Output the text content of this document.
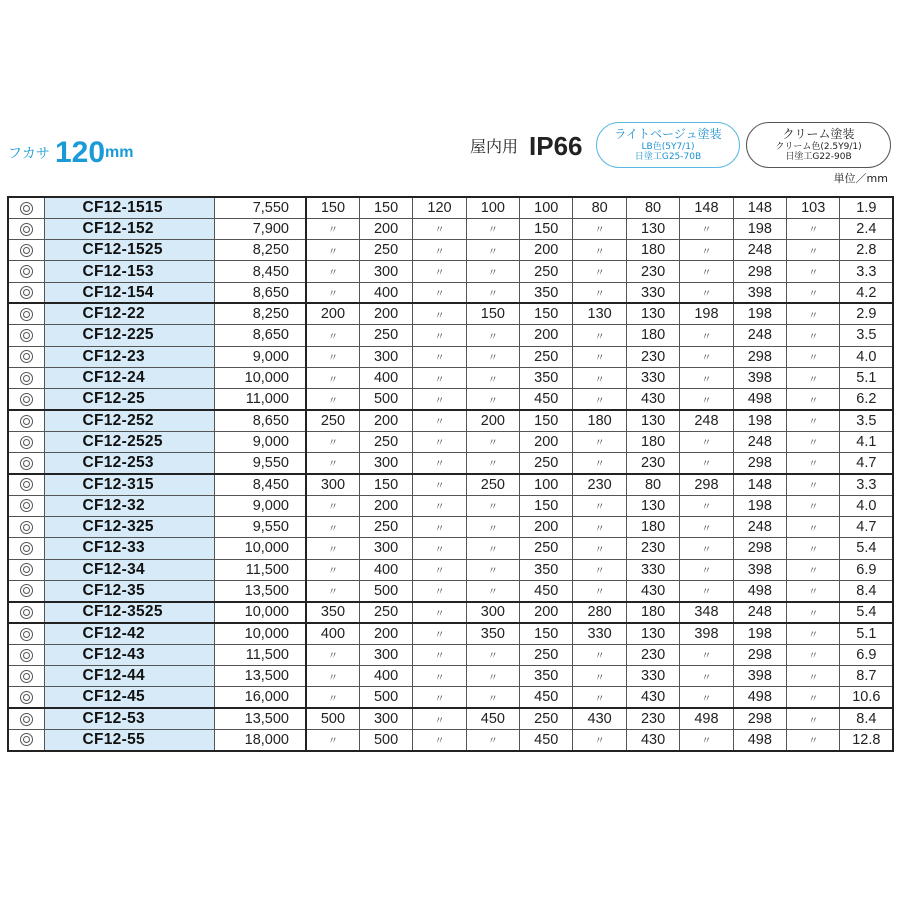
フカサ 120mm	屋内用 IP66	ライトベージュ塗装
LB色(5Y7/1)
日塗工G25-70B
クリーム塗装
クリーム色(2.5Y9/1)
日塗工G22-90B
単位／mm
	CF12-1515	7,550	150	150	120	100	100	80	80	148	148	103	1.9
	CF12-152	7,900	〃	200	〃	〃	150	〃	130	〃	198	〃	2.4
	CF12-1525	8,250	〃	250	〃	〃	200	〃	180	〃	248	〃	2.8
	CF12-153	8,450	〃	300	〃	〃	250	〃	230	〃	298	〃	3.3
	CF12-154	8,650	〃	400	〃	〃	350	〃	330	〃	398	〃	4.2
	CF12-22	8,250	200	200	〃	150	150	130	130	198	198	〃	2.9
	CF12-225	8,650	〃	250	〃	〃	200	〃	180	〃	248	〃	3.5
	CF12-23	9,000	〃	300	〃	〃	250	〃	230	〃	298	〃	4.0
	CF12-24	10,000	〃	400	〃	〃	350	〃	330	〃	398	〃	5.1
	CF12-25	11,000	〃	500	〃	〃	450	〃	430	〃	498	〃	6.2
	CF12-252	8,650	250	200	〃	200	150	180	130	248	198	〃	3.5
	CF12-2525	9,000	〃	250	〃	〃	200	〃	180	〃	248	〃	4.1
	CF12-253	9,550	〃	300	〃	〃	250	〃	230	〃	298	〃	4.7
	CF12-315	8,450	300	150	〃	250	100	230	80	298	148	〃	3.3
	CF12-32	9,000	〃	200	〃	〃	150	〃	130	〃	198	〃	4.0
	CF12-325	9,550	〃	250	〃	〃	200	〃	180	〃	248	〃	4.7
	CF12-33	10,000	〃	300	〃	〃	250	〃	230	〃	298	〃	5.4
	CF12-34	11,500	〃	400	〃	〃	350	〃	330	〃	398	〃	6.9
	CF12-35	13,500	〃	500	〃	〃	450	〃	430	〃	498	〃	8.4
	CF12-3525	10,000	350	250	〃	300	200	280	180	348	248	〃	5.4
	CF12-42	10,000	400	200	〃	350	150	330	130	398	198	〃	5.1
	CF12-43	11,500	〃	300	〃	〃	250	〃	230	〃	298	〃	6.9
	CF12-44	13,500	〃	400	〃	〃	350	〃	330	〃	398	〃	8.7
	CF12-45	16,000	〃	500	〃	〃	450	〃	430	〃	498	〃	10.6
	CF12-53	13,500	500	300	〃	450	250	430	230	498	298	〃	8.4
	CF12-55	18,000	〃	500	〃	〃	450	〃	430	〃	498	〃	12.8
